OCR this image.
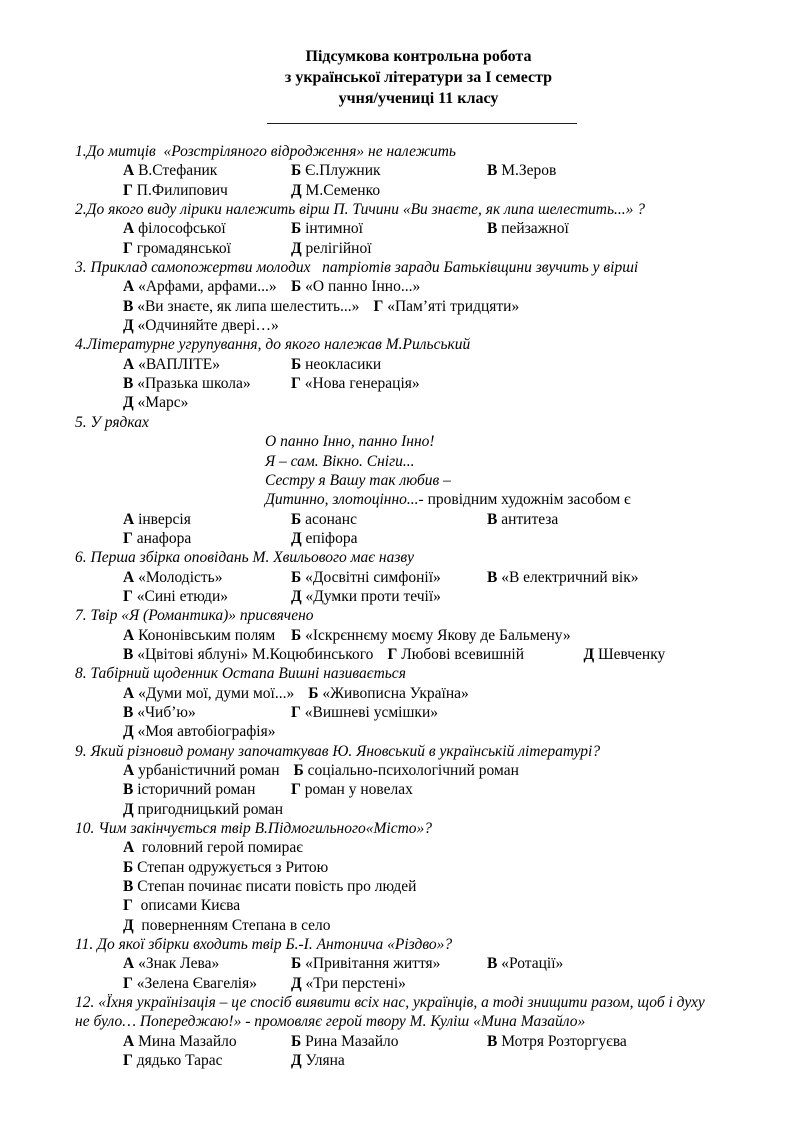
Підсумкова контрольна робота
з української літератури за І семестр
учня/учениці 11 класу

1.До митців  «Розстріляного відродження» не належить

А В.Стефаник	Б Є.Плужник	В М.Зеров
Г П.Филипович	Д М.Семенко

2.До якого виду лірики належить вірш П. Тичини «Ви знаєте, як липа шелестить...» ?

А філософської	Б інтимної	В пейзажної
Г громадянської	Д релігійної

3. Приклад самопожертви молодих   патріотів заради Батьківщини звучить у вірші

А «Арфами, арфами...» Б «О панно Інно...»
В «Ви знаєте, як липа шелестить...» Г «Пам’яті тридцяти»
Д «Одчиняйте двері…»

4.Літературне угрупування, до якого належав М.Рильський

А «ВАПЛІТЕ»	Б неокласики
В «Празька школа»	Г «Нова генерація»
Д «Марс»

5. У рядках

О панно Інно, панно Інно!
Я – сам. Вікно. Сніги...
Сестру я Вашу так любив –
Дитинно, злотоцінно...- провідним художнім засобом є
А інверсія	Б асонанс	В антитеза
Г анафора	Д епіфора

6. Перша збірка оповідань М. Хвильового має назву

А «Молодість»	Б «Досвітні симфонії»	В «В електричний вік»
Г «Сині етюди»	Д «Думки проти течії»

7. Твір «Я (Романтика)» присвячено

А Кононівським полям Б «Іскрєннєму моєму Якову де Бальмену»
В «Цвітові яблуні» М.Коцюбинського Г Любові всевишній	Д Шевченку

8. Табірний щоденник Остапа Вишні називається

А «Думи мої, думи мої...» Б «Живописна Україна»
В «Чиб’ю»	Г «Вишневі усмішки»
Д «Моя автобіографія»

9. Який різновид роману започаткував Ю. Яновський в українській літературі?

А урбаністичний роман Б соціально-психологічний роман
В історичний роман Г роман у новелах
Д пригодницький роман

10. Чим закінчується твір В.Підмогильного«Місто»?

А  головний герой помирає
Б Степан одружується з Ритою
В Степан починає писати повість про людей
Г  описами Києва
Д  поверненням Степана в село

11. До якої збірки входить твір Б.-І. Антонича «Різдво»?

А «Знак Лева»	Б «Привітання життя»	В «Ротації»
Г «Зелена Євагелія» Д «Три перстені»

12. «Їхня українізація – це спосіб виявити всіх нас, українців, а тоді знищити разом, щоб і духу не було… Попереджаю!» - промовляє герой твору М. Куліш «Мина Мазайло»

А Мина Мазайло	Б Рина Мазайло	В Мотря Розторгуєва
Г дядько Тарас	Д Уляна
